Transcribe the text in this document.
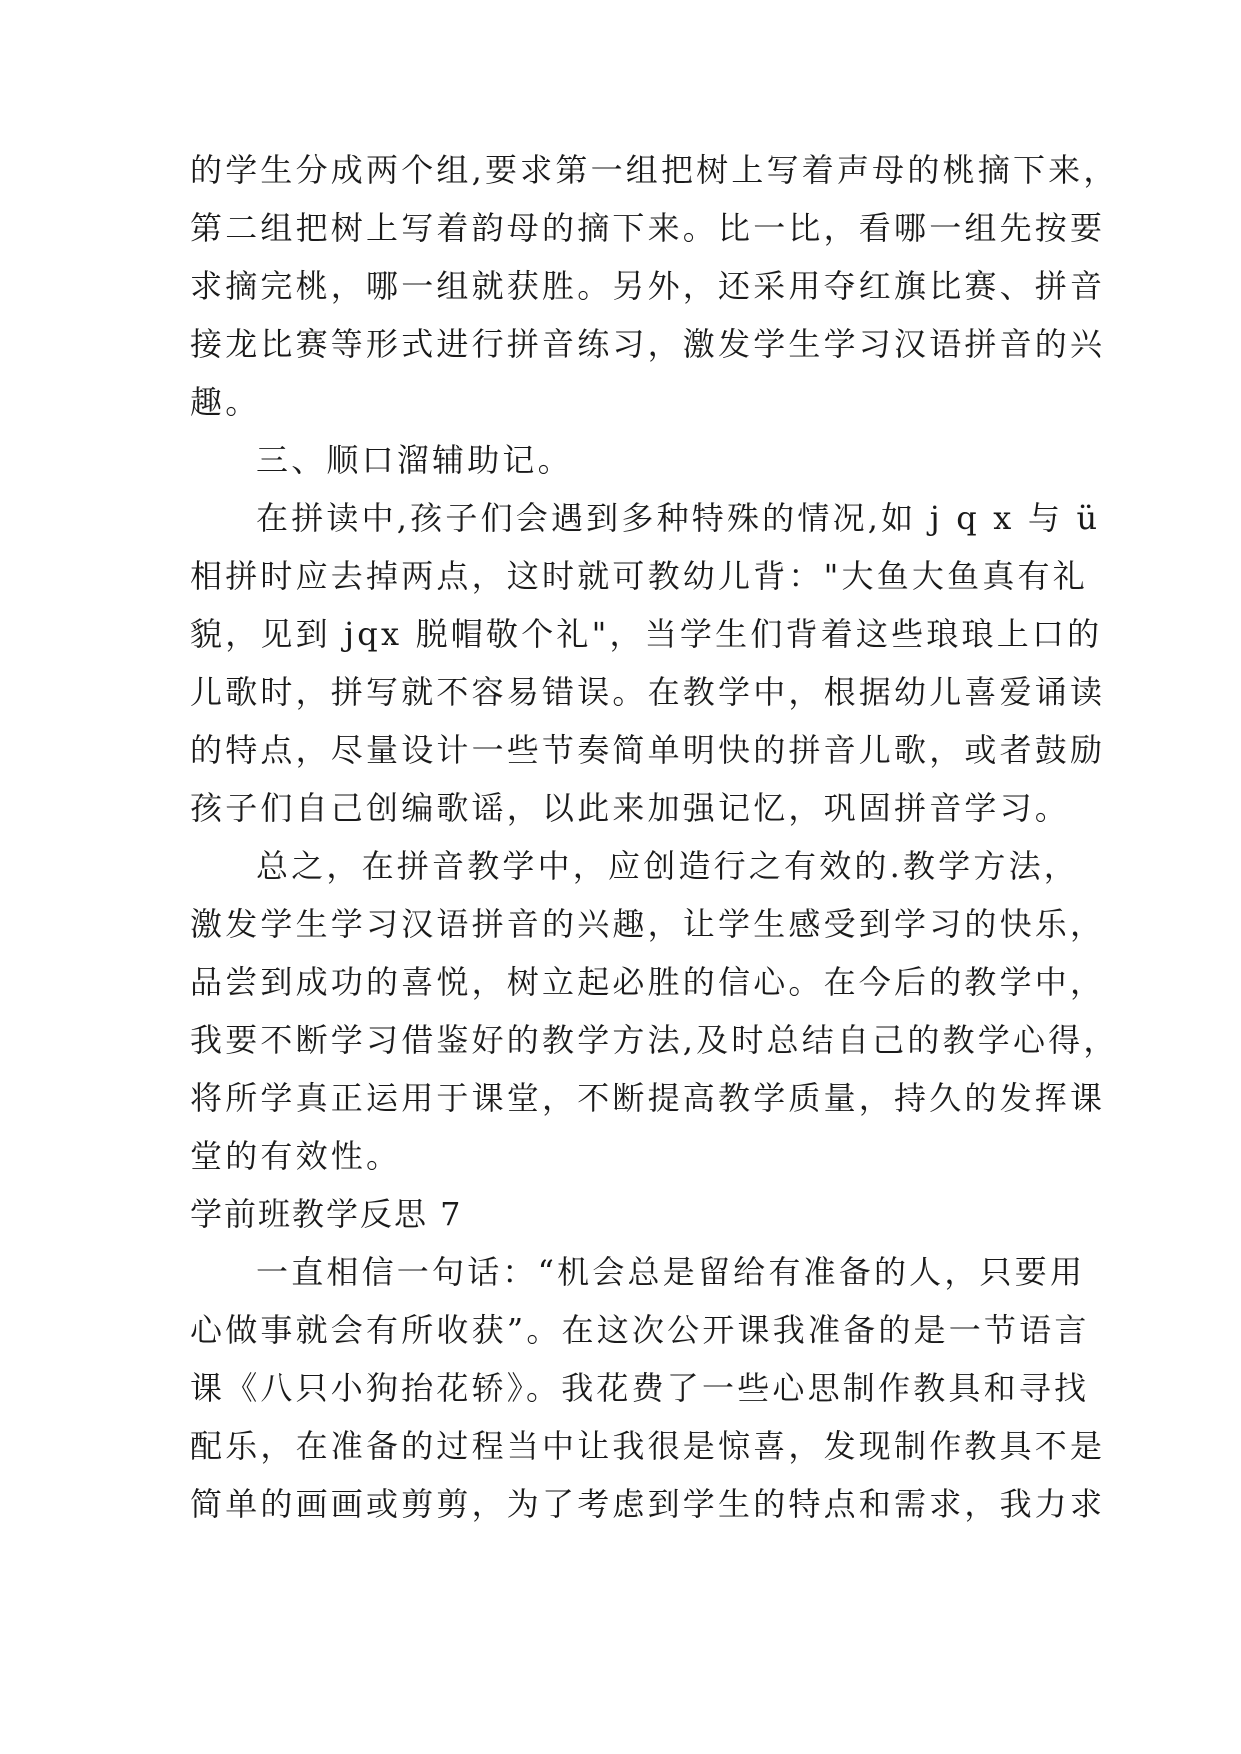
的学生分成两个组,要求第一组把树上写着声母的桃摘下来，
第二组把树上写着韵母的摘下来。比一比，看哪一组先按要
求摘完桃，哪一组就获胜。另外，还采用夺红旗比赛、拼音
接龙比赛等形式进行拼音练习，激发学生学习汉语拼音的兴
趣。
三、顺口溜辅助记。
在拼读中,孩子们会遇到多种特殊的情况,如 j q x 与 ü
相拼时应去掉两点，这时就可教幼儿背："大鱼大鱼真有礼
貌，见到 jqx 脱帽敬个礼"，当学生们背着这些琅琅上口的
儿歌时，拼写就不容易错误。在教学中，根据幼儿喜爱诵读
的特点，尽量设计一些节奏简单明快的拼音儿歌，或者鼓励
孩子们自己创编歌谣，以此来加强记忆，巩固拼音学习。
总之，在拼音教学中，应创造行之有效的.教学方法，
激发学生学习汉语拼音的兴趣，让学生感受到学习的快乐，
品尝到成功的喜悦，树立起必胜的信心。在今后的教学中，
我要不断学习借鉴好的教学方法,及时总结自己的教学心得，
将所学真正运用于课堂，不断提高教学质量，持久的发挥课
堂的有效性。
学前班教学反思 7
一直相信一句话：“机会总是留给有准备的人，只要用
心做事就会有所收获”。在这次公开课我准备的是一节语言
课《八只小狗抬花轿》。我花费了一些心思制作教具和寻找
配乐，在准备的过程当中让我很是惊喜，发现制作教具不是
简单的画画或剪剪，为了考虑到学生的特点和需求，我力求
